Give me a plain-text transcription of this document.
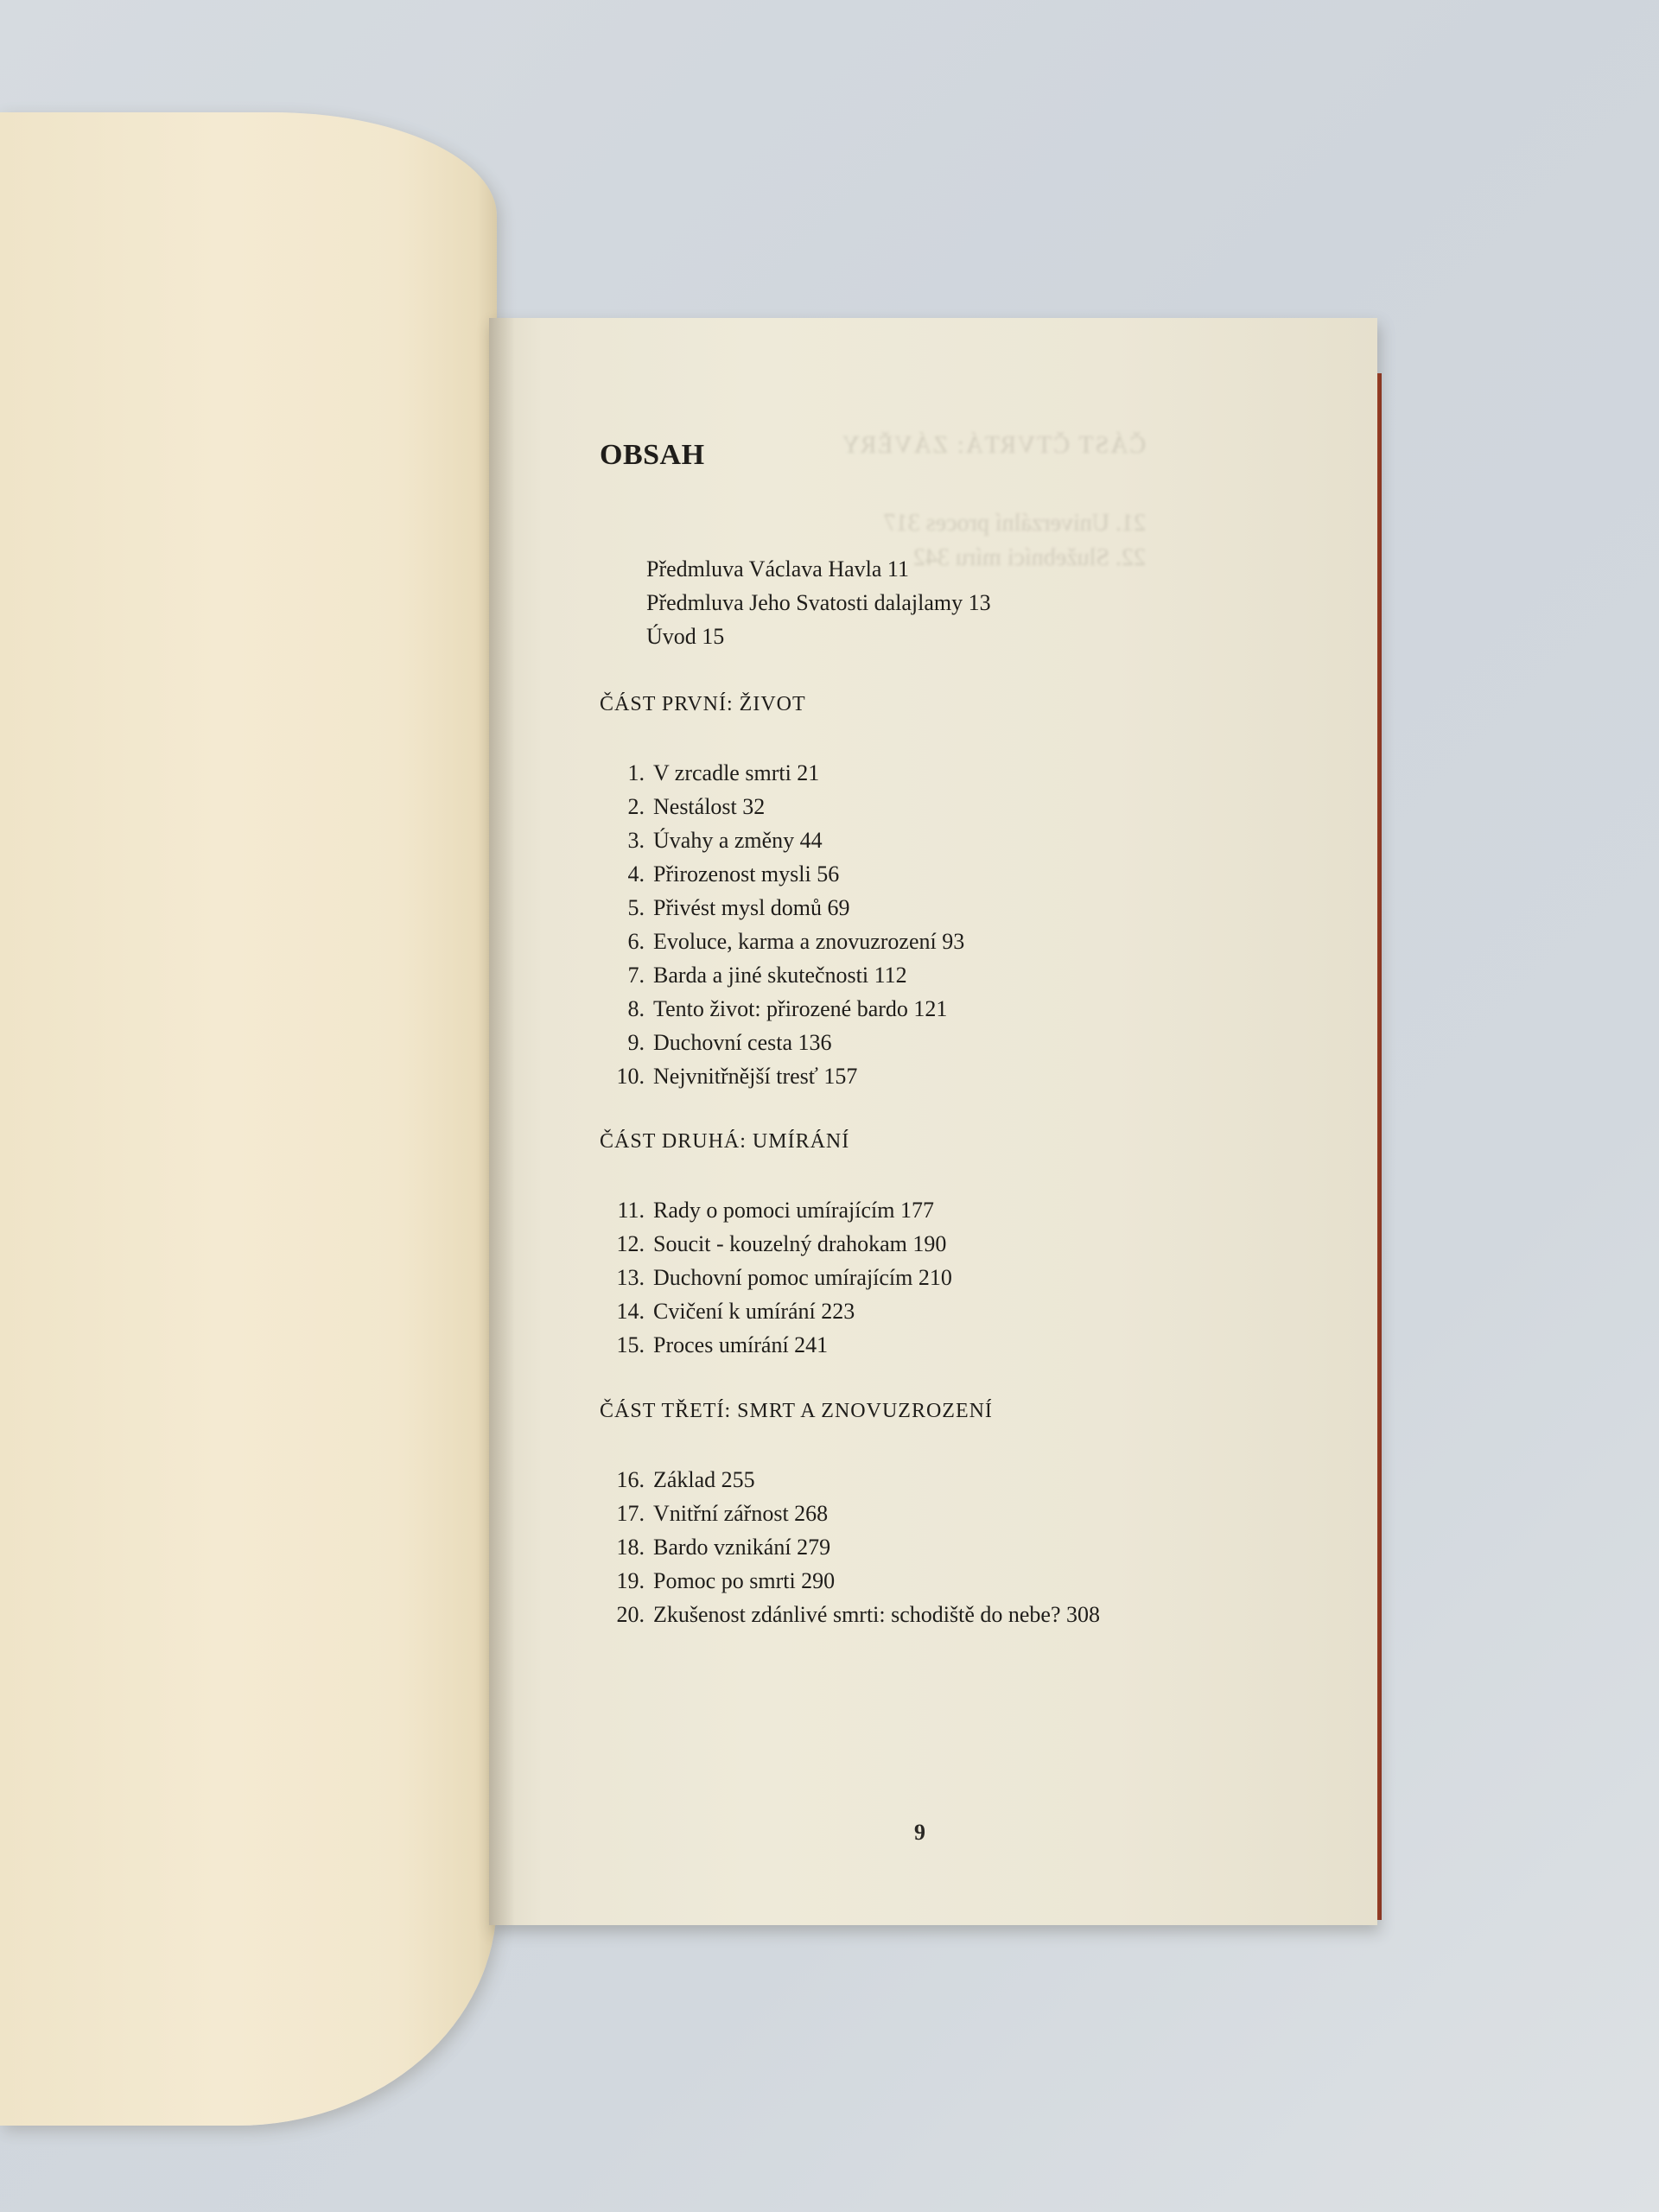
ČÁST ČTVRTÁ: ZÁVĚRY
21. Univerzální proces 317
22. Služebníci míru 342
OBSAH
Předmluva Václava Havla 11
Předmluva Jeho Svatosti dalajlamy 13
Úvod 15
ČÁST PRVNÍ: ŽIVOT
1. V zrcadle smrti 21
2. Nestálost 32
3. Úvahy a změny 44
4. Přirozenost mysli 56
5. Přivést mysl domů 69
6. Evoluce, karma a znovuzrození 93
7. Barda a jiné skutečnosti 112
8. Tento život: přirozené bardo 121
9. Duchovní cesta 136
10. Nejvnitřnější tresť 157
ČÁST DRUHÁ: UMÍRÁNÍ
11. Rady o pomoci umírajícím 177
12. Soucit - kouzelný drahokam 190
13. Duchovní pomoc umírajícím 210
14. Cvičení k umírání 223
15. Proces umírání 241
ČÁST TŘETÍ: SMRT A ZNOVUZROZENÍ
16. Základ 255
17. Vnitřní zářnost 268
18. Bardo vznikání 279
19. Pomoc po smrti 290
20. Zkušenost zdánlivé smrti: schodiště do nebe? 308
9
